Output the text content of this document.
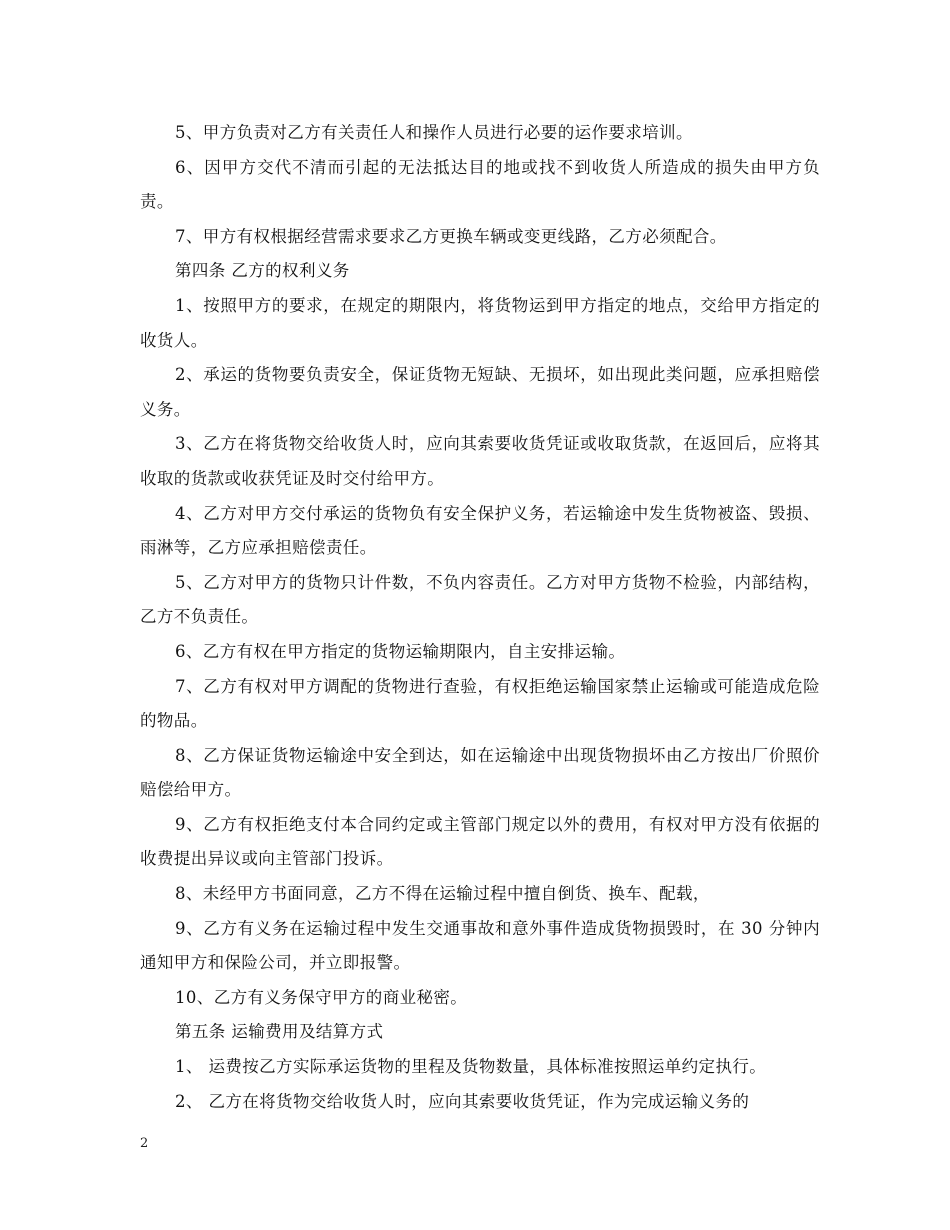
5、甲方负责对乙方有关责任人和操作人员进行必要的运作要求培训。

6、因甲方交代不清而引起的无法抵达目的地或找不到收货人所造成的损失由甲方负责。

7、甲方有权根据经营需求要求乙方更换车辆或变更线路，乙方必须配合。

第四条 乙方的权利义务

1、按照甲方的要求，在规定的期限内，将货物运到甲方指定的地点，交给甲方指定的收货人。

2、承运的货物要负责安全，保证货物无短缺、无损坏，如出现此类问题，应承担赔偿义务。

3、乙方在将货物交给收货人时，应向其索要收货凭证或收取货款，在返回后，应将其收取的货款或收获凭证及时交付给甲方。

4、乙方对甲方交付承运的货物负有安全保护义务，若运输途中发生货物被盗、毁损、雨淋等，乙方应承担赔偿责任。

5、乙方对甲方的货物只计件数，不负内容责任。乙方对甲方货物不检验，内部结构，乙方不负责任。

6、乙方有权在甲方指定的货物运输期限内，自主安排运输。

7、乙方有权对甲方调配的货物进行查验，有权拒绝运输国家禁止运输或可能造成危险的物品。

8、乙方保证货物运输途中安全到达，如在运输途中出现货物损坏由乙方按出厂价照价赔偿给甲方。

9、乙方有权拒绝支付本合同约定或主管部门规定以外的费用，有权对甲方没有依据的收费提出异议或向主管部门投诉。

8、未经甲方书面同意，乙方不得在运输过程中擅自倒货、换车、配载，

9、乙方有义务在运输过程中发生交通事故和意外事件造成货物损毁时，在 30 分钟内通知甲方和保险公司，并立即报警。

10、乙方有义务保守甲方的商业秘密。

第五条 运输费用及结算方式

1、 运费按乙方实际承运货物的里程及货物数量，具体标准按照运单约定执行。

2、 乙方在将货物交给收货人时，应向其索要收货凭证，作为完成运输义务的

2
